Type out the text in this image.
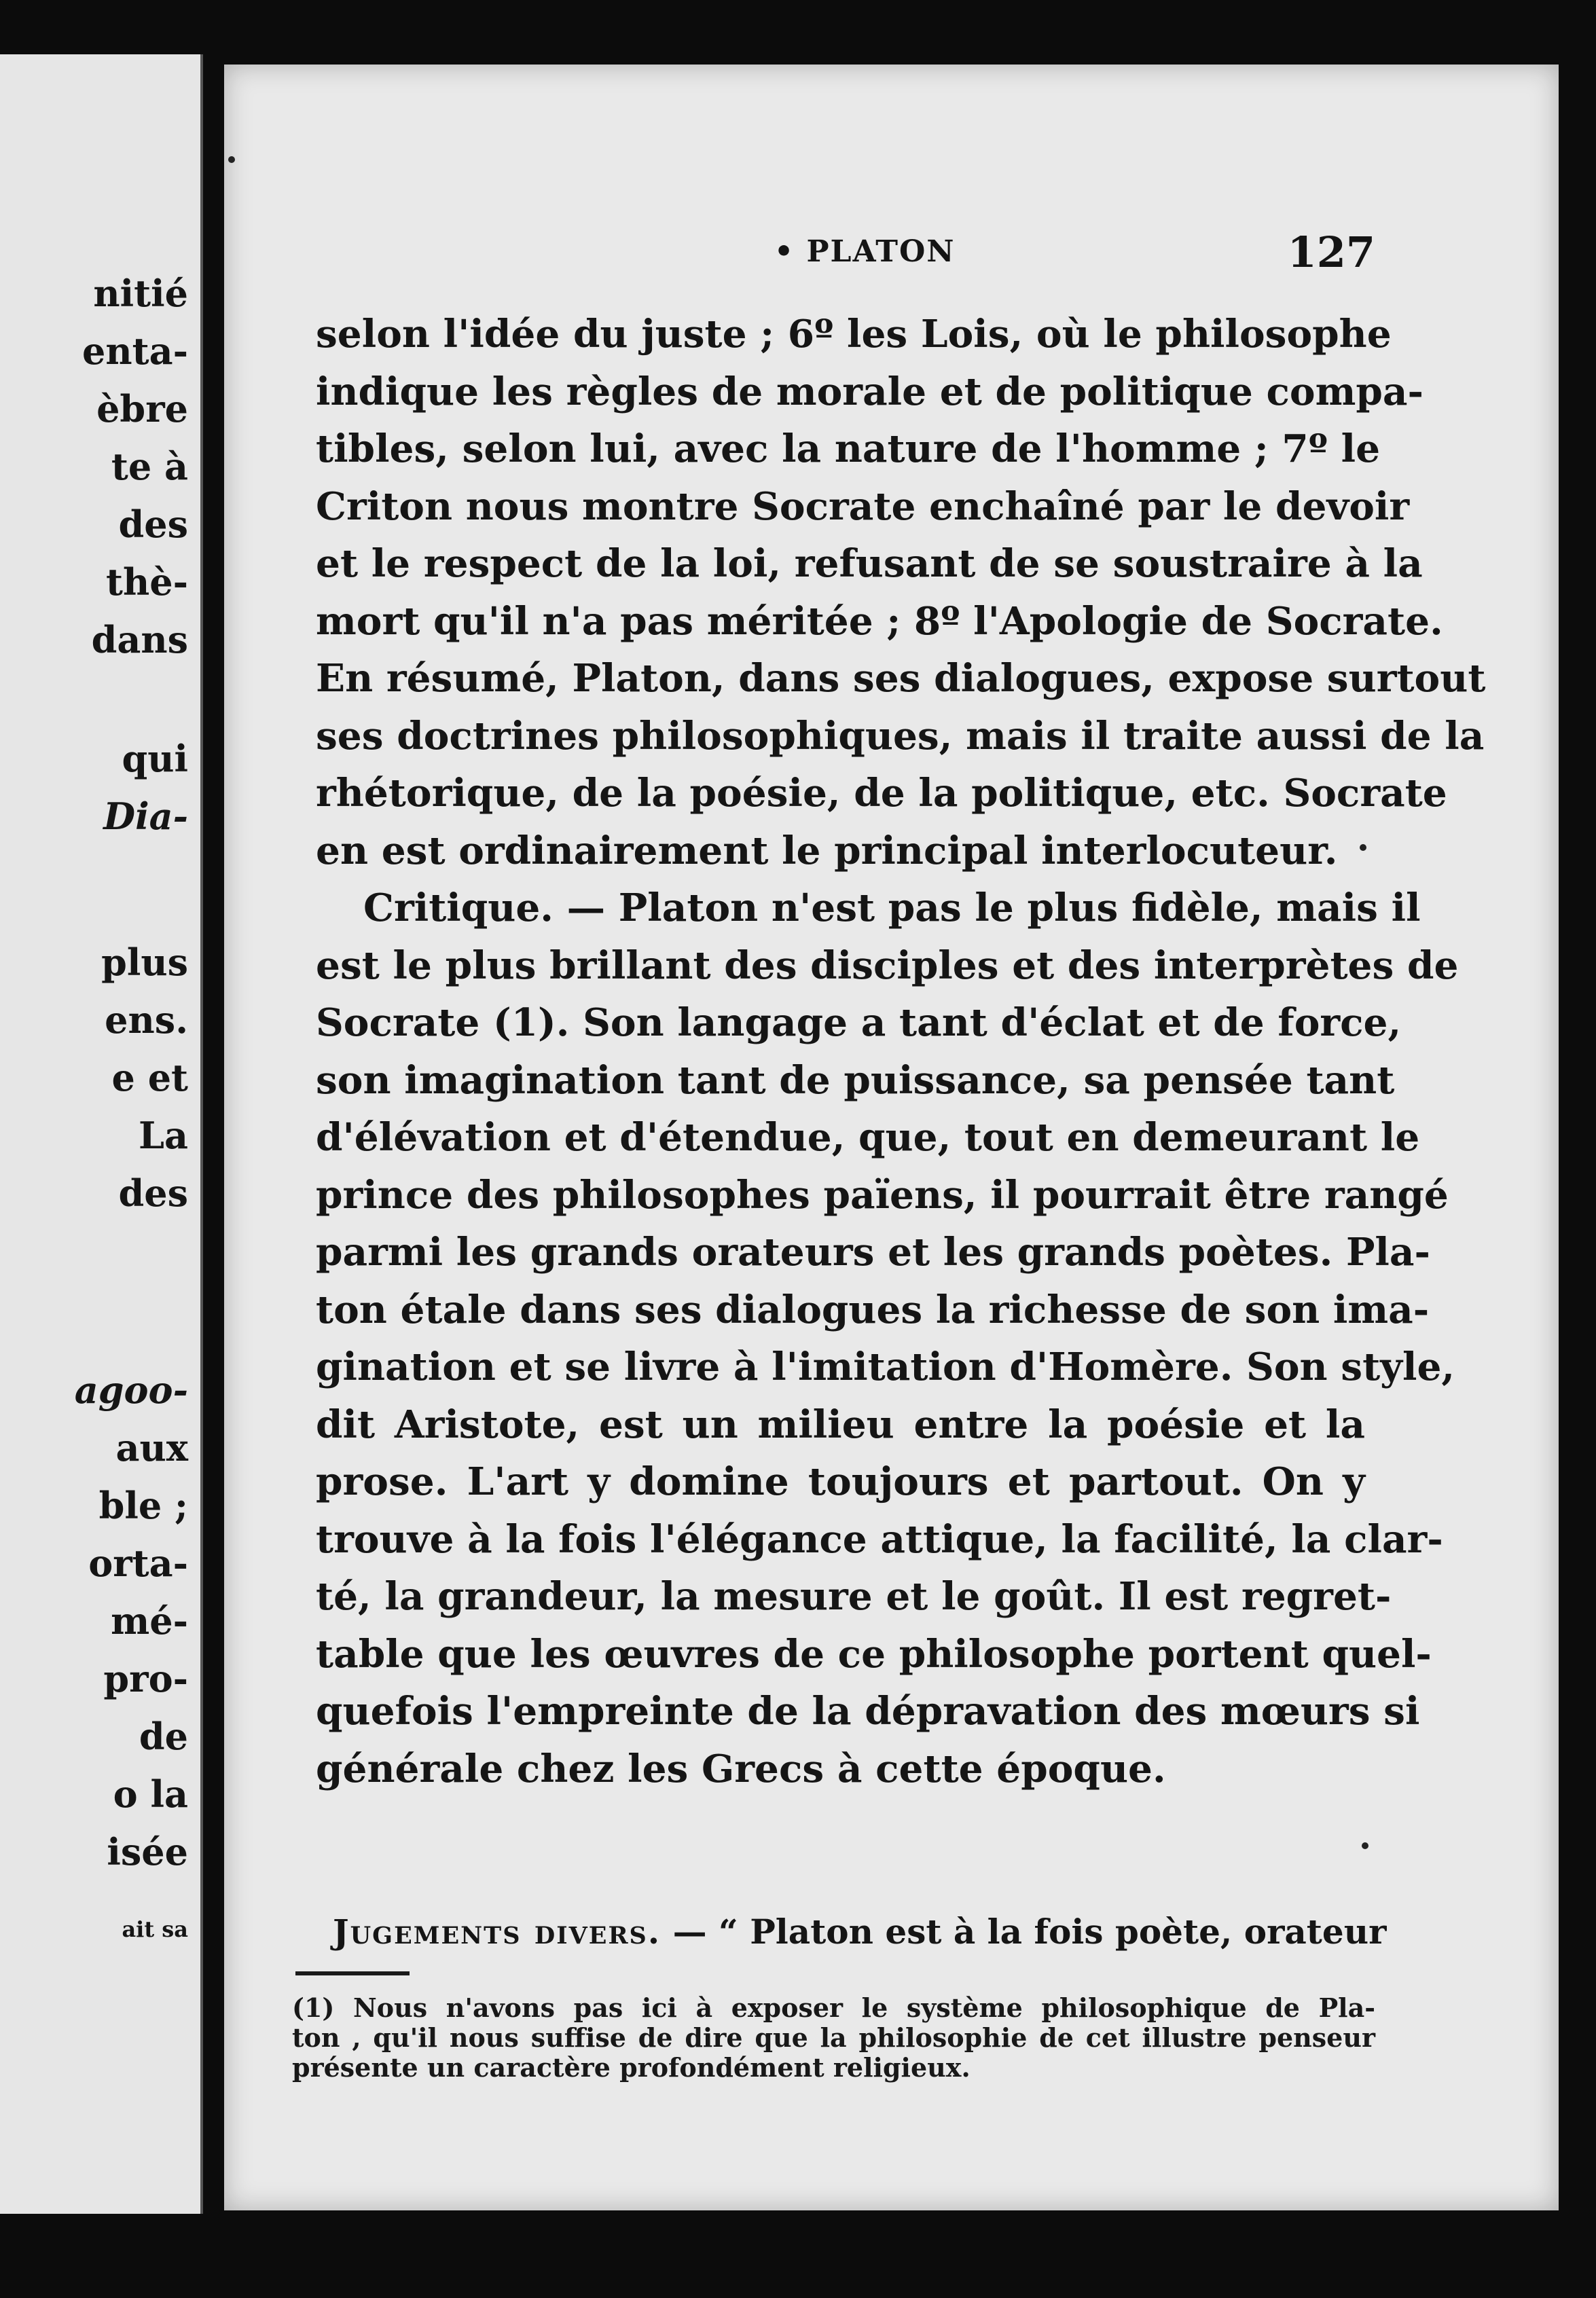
nitié
enta-
èbre
te à
des
thè-
dans
qui
Dia-
plus
ens.
e et
La
des
agoo-
aux
ble ;
orta-
mé-
pro-
de
o la
isée
ait sa
• PLATON	127
selon l'idée du juste ; 6º les Lois, où le philosophe
indique les règles de morale et de politique compa-
tibles, selon lui, avec la nature de l'homme ; 7º le
Criton nous montre Socrate enchaîné par le devoir
et le respect de la loi, refusant de se soustraire à la
mort qu'il n'a pas méritée ; 8º l'Apologie de Socrate.
En résumé, Platon, dans ses dialogues, expose surtout
ses doctrines philosophiques, mais il traite aussi de la
rhétorique, de la poésie, de la politique, etc. Socrate
en est ordinairement le principal interlocuteur.
Critique. — Platon n'est pas le plus fidèle, mais il
est le plus brillant des disciples et des interprètes de
Socrate (1). Son langage a tant d'éclat et de force,
son imagination tant de puissance, sa pensée tant
d'élévation et d'étendue, que, tout en demeurant le
prince des philosophes païens, il pourrait être rangé
parmi les grands orateurs et les grands poètes. Pla-
ton étale dans ses dialogues la richesse de son ima-
gination et se livre à l'imitation d'Homère. Son style,
dit Aristote, est un milieu entre la poésie et la
prose. L'art y domine toujours et partout. On y
trouve à la fois l'élégance attique, la facilité, la clar-
té, la grandeur, la mesure et le goût. Il est regret-
table que les œuvres de ce philosophe portent quel-
quefois l'empreinte de la dépravation des mœurs si
générale chez les Grecs à cette époque.
Jugements divers. — “ Platon est à la fois poète, orateur
(1) Nous n'avons pas ici à exposer le système philosophique de Pla-
ton , qu'il nous suffise de dire que la philosophie de cet illustre penseur
présente un caractère profondément religieux.
